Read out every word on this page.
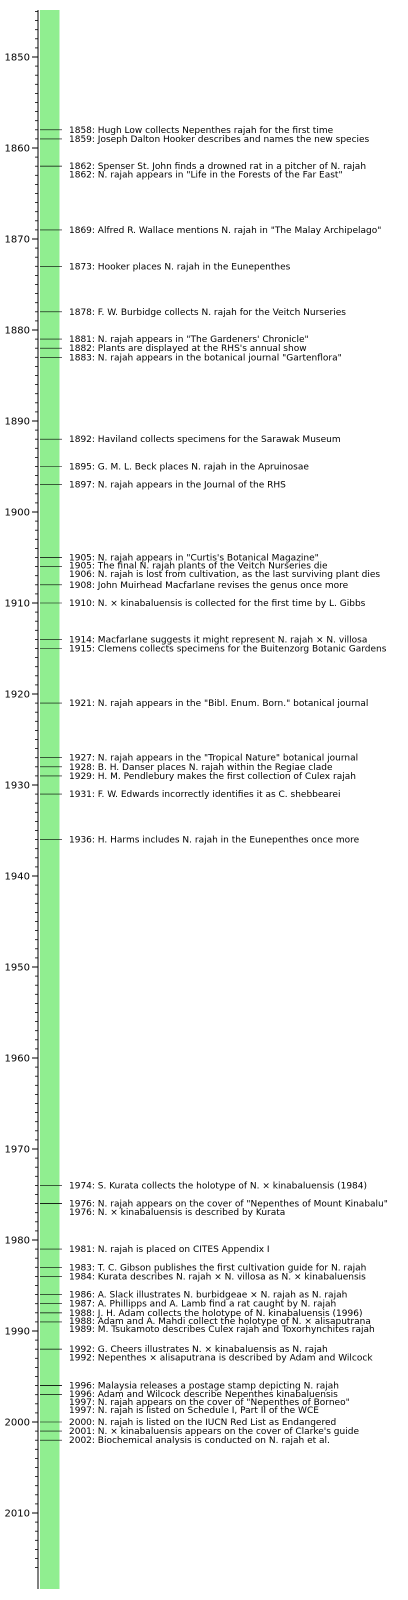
1850
1860
1870
1880
1890
1900
1910
1920
1930
1940
1950
1960
1970
1980
1990
2000
2010
1858: Hugh Low collects Nepenthes rajah for the first time
1859: Joseph Dalton Hooker describes and names the new species
1862: Spenser St. John finds a drowned rat in a pitcher of N. rajah
1862: N. rajah appears in "Life in the Forests of the Far East"
1869: Alfred R. Wallace mentions N. rajah in "The Malay Archipelago"
1873: Hooker places N. rajah in the Eunepenthes
1878: F. W. Burbidge collects N. rajah for the Veitch Nurseries
1881: N. rajah appears in "The Gardeners' Chronicle"
1882: Plants are displayed at the RHS's annual show
1883: N. rajah appears in the botanical journal "Gartenflora"
1892: Haviland collects specimens for the Sarawak Museum
1895: G. M. L. Beck places N. rajah in the Apruinosae
1897: N. rajah appears in the Journal of the RHS
1905: N. rajah appears in "Curtis's Botanical Magazine"
1905: The final N. rajah plants of the Veitch Nurseries die
1906: N. rajah is lost from cultivation, as the last surviving plant dies
1908: John Muirhead Macfarlane revises the genus once more
1910: N. × kinabaluensis is collected for the first time by L. Gibbs
1914: Macfarlane suggests it might represent N. rajah × N. villosa
1915: Clemens collects specimens for the Buitenzorg Botanic Gardens
1921: N. rajah appears in the "Bibl. Enum. Born." botanical journal
1927: N. rajah appears in the "Tropical Nature" botanical journal
1928: B. H. Danser places N. rajah within the Regiae clade
1929: H. M. Pendlebury makes the first collection of Culex rajah
1931: F. W. Edwards incorrectly identifies it as C. shebbearei
1936: H. Harms includes N. rajah in the Eunepenthes once more
1974: S. Kurata collects the holotype of N. × kinabaluensis (1984)
1976: N. rajah appears on the cover of "Nepenthes of Mount Kinabalu"
1976: N. × kinabaluensis is described by Kurata
1981: N. rajah is placed on CITES Appendix I
1983: T. C. Gibson publishes the first cultivation guide for N. rajah
1984: Kurata describes N. rajah × N. villosa as N. × kinabaluensis
1986: A. Slack illustrates N. burbidgeae × N. rajah as N. rajah
1987: A. Phillipps and A. Lamb find a rat caught by N. rajah
1988: J. H. Adam collects the holotype of N. kinabaluensis (1996)
1988: Adam and A. Mahdi collect the holotype of N. × alisaputrana
1989: M. Tsukamoto describes Culex rajah and Toxorhynchites rajah
1992: G. Cheers illustrates N. × kinabaluensis as N. rajah
1992: Nepenthes × alisaputrana is described by Adam and Wilcock
1996: Malaysia releases a postage stamp depicting N. rajah
1996: Adam and Wilcock describe Nepenthes kinabaluensis
1997: N. rajah appears on the cover of "Nepenthes of Borneo"
1997: N. rajah is listed on Schedule I, Part II of the WCE
2000: N. rajah is listed on the IUCN Red List as Endangered
2001: N. × kinabaluensis appears on the cover of Clarke's guide
2002: Biochemical analysis is conducted on N. rajah et al.
